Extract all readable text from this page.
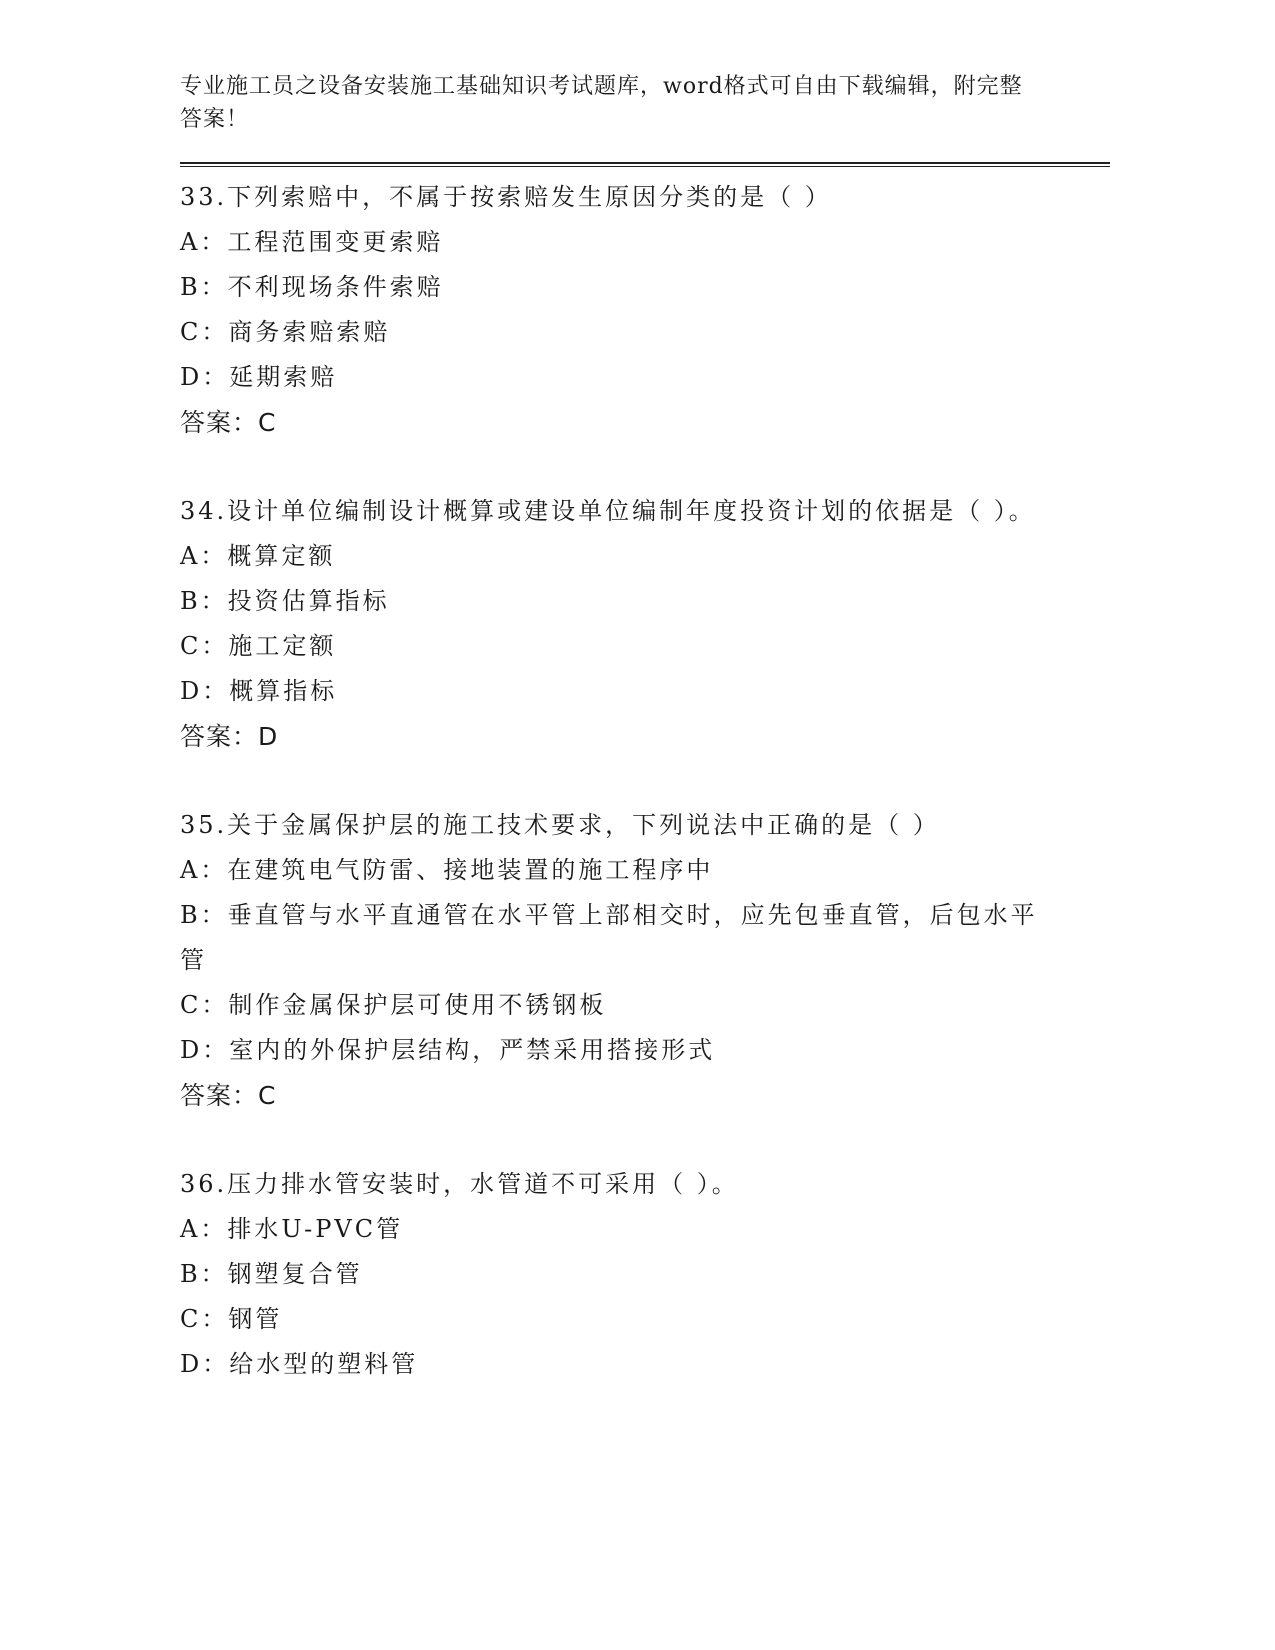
专业施工员之设备安装施工基础知识考试题库，word格式可自由下载编辑，附完整答案！
33.下列索赔中，不属于按索赔发生原因分类的是（ ）
A：工程范围变更索赔
B：不利现场条件索赔
C：商务索赔索赔
D：延期索赔
答案：C
34.设计单位编制设计概算或建设单位编制年度投资计划的依据是（ ）。
A：概算定额
B：投资估算指标
C：施工定额
D：概算指标
答案：D
35.关于金属保护层的施工技术要求，下列说法中正确的是（ ）
A：在建筑电气防雷、接地装置的施工程序中
B：垂直管与水平直通管在水平管上部相交时，应先包垂直管，后包水平管
C：制作金属保护层可使用不锈钢板
D：室内的外保护层结构，严禁采用搭接形式
答案：C
36.压力排水管安装时，水管道不可采用（ ）。
A：排水U-PVC管
B：钢塑复合管
C：钢管
D：给水型的塑料管
